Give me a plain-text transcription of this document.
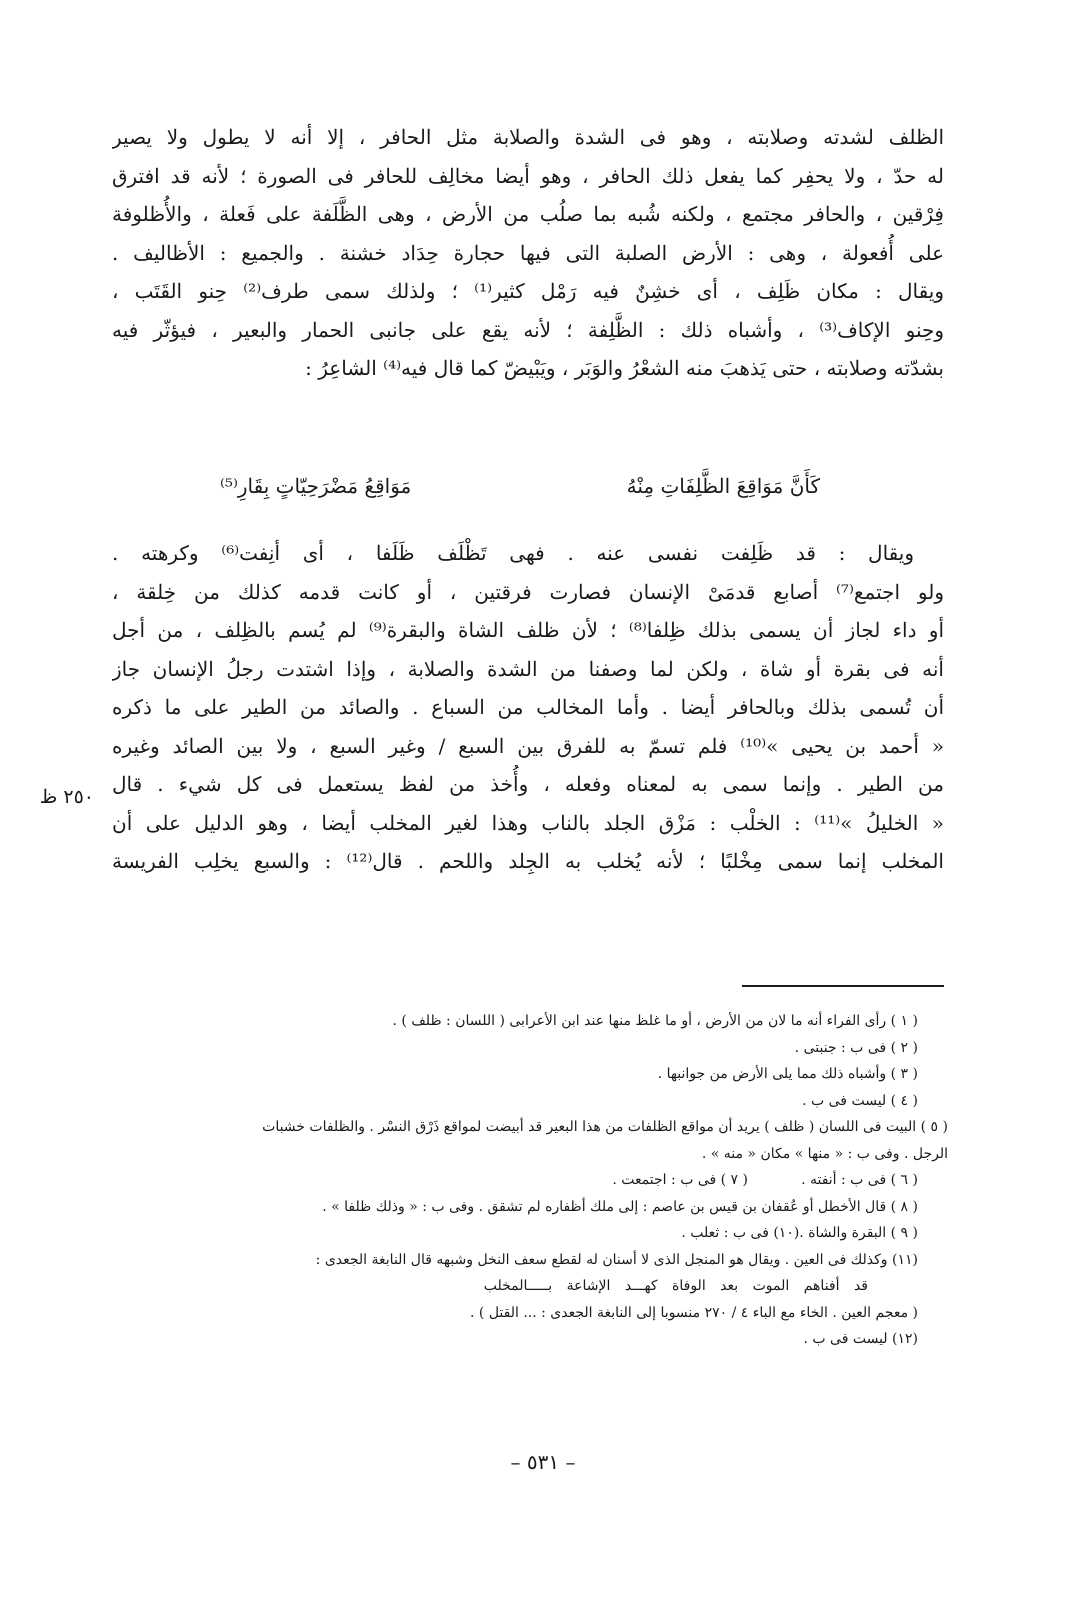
الظلف لشدته وصلابته ، وهو فى الشدة والصلابة مثل الحافر ، إلا أنه لا يطول ولا يصير
له حدّ ، ولا يحفِر كما يفعل ذلك الحافر ، وهو أيضا مخالِف للحافر فى الصورة ؛ لأنه قد افترق
فِرْقين ، والحافر مجتمع ، ولكنه شُبه بما صلُب من الأرض ، وهى الظَّلَفة على فَعلة ، والأُظلوفة
على أُفعولة ، وهى : الأرض الصلبة التى فيها حجارة حِدَاد خشنة . والجميع : الأظاليف .
ويقال : مكان ظَلِف ، أى خشِنٌ فيه رَمْل كثير⁽¹⁾ ؛ ولذلك سمى طرف⁽²⁾ حِنو القَتَب ،
وحِنو الإكاف⁽³⁾ ، وأشباه ذلك : الظَّلِفة ؛ لأنه يقع على جانبى الحمار والبعير ، فيؤثّر فيه
بشدّته وصلابته ، حتى يَذهبَ منه الشعْرُ والوَبَر ، ويَبْيضّ كما قال فيه⁽⁴⁾ الشاعِرُ :
كَأَنَّ مَوَاقِعَ الظَّلِفَاتِ مِنْهُ
مَوَاقِعُ مَضْرَحِيّاتٍ بِقَارِ⁽⁵⁾
ويقال : قد ظَلِفت نفسى عنه . فهى تَظْلَف ظَلَفا ، أى أنِفت⁽⁶⁾ وكرهته .
ولو اجتمع⁽⁷⁾ أصابع قدمَىْ الإنسان فصارت فرقتين ، أو كانت قدمه كذلك من خِلقة ،
أو داء لجاز أن يسمى بذلك ظِلفا⁽⁸⁾ ؛ لأن ظلف الشاة والبقرة⁽⁹⁾ لم يُسم بالظِلف ، من أجل
أنه فى بقرة أو شاة ، ولكن لما وصفنا من الشدة والصلابة ، وإذا اشتدت رجلُ الإنسان جاز
أن تُسمى بذلك وبالحافر أيضا . وأما المخالب من السباع . والصائد من الطير على ما ذكره
« أحمد بن يحيى »⁽¹⁰⁾ فلم تسمّ به للفرق بين السبع / وغير السبع ، ولا بين الصائد وغيره
من الطير . وإنما سمى به لمعناه وفعله ، وأُخذ من لفظ يستعمل فى كل شيء . قال
« الخليلُ »⁽¹¹⁾ : الخلْب : مَزْق الجلد بالناب وهذا لغير المخلب أيضا ، وهو الدليل على أن
المخلب إنما سمى مِخْلبًا ؛ لأنه يُخلب به الجِلد واللحم . قال⁽¹²⁾ : والسبع يخلِب الفريسة
٢٥٠ ظ
( ١ ) رأى الفراء أنه ما لان من الأرض ، أو ما غلظ منها عند ابن الأعرابى ( اللسان : ظلف ) .
( ٢ ) فى ب : جنبتى .
( ٣ ) وأشباه ذلك مما يلى الأرض من جوانبها .
( ٤ ) ليست فى ب .
( ٥ ) البيت فى اللسان ( ظلف ) يريد أن مواقع الظلفات من هذا البعير قد أبيضت لمواقع ذَرْق النسْر . والظلفات خشبات
الرجل . وفى ب : « منها » مكان « منه » .
( ٦ ) فى ب : أنفته .
( ٧ ) فى ب : اجتمعت .
( ٨ ) قال الأخطل أو عُقفان بن قيس بن عاصم : إلى ملك أظفاره لم تشقق . وفى ب : « وذلك ظلفا » .
( ٩ ) البقرة والشاة .(١٠) فى ب : ثعلب .
(١١) وكذلك فى العين . ويقال هو المنجل الذى لا أسنان له لقطع سعف النخل وشبهه قال النابغة الجعدى :
قد أفناهم الموت بعد الوفاة كهـــد الإشاعة بـــــالمخلب
( معجم العين . الخاء مع الباء ٤ / ٢٧٠ منسوبا إلى النابغة الجعدى : ... القتل ) .
(١٢) ليست فى ب .
– ٥٣١ –
